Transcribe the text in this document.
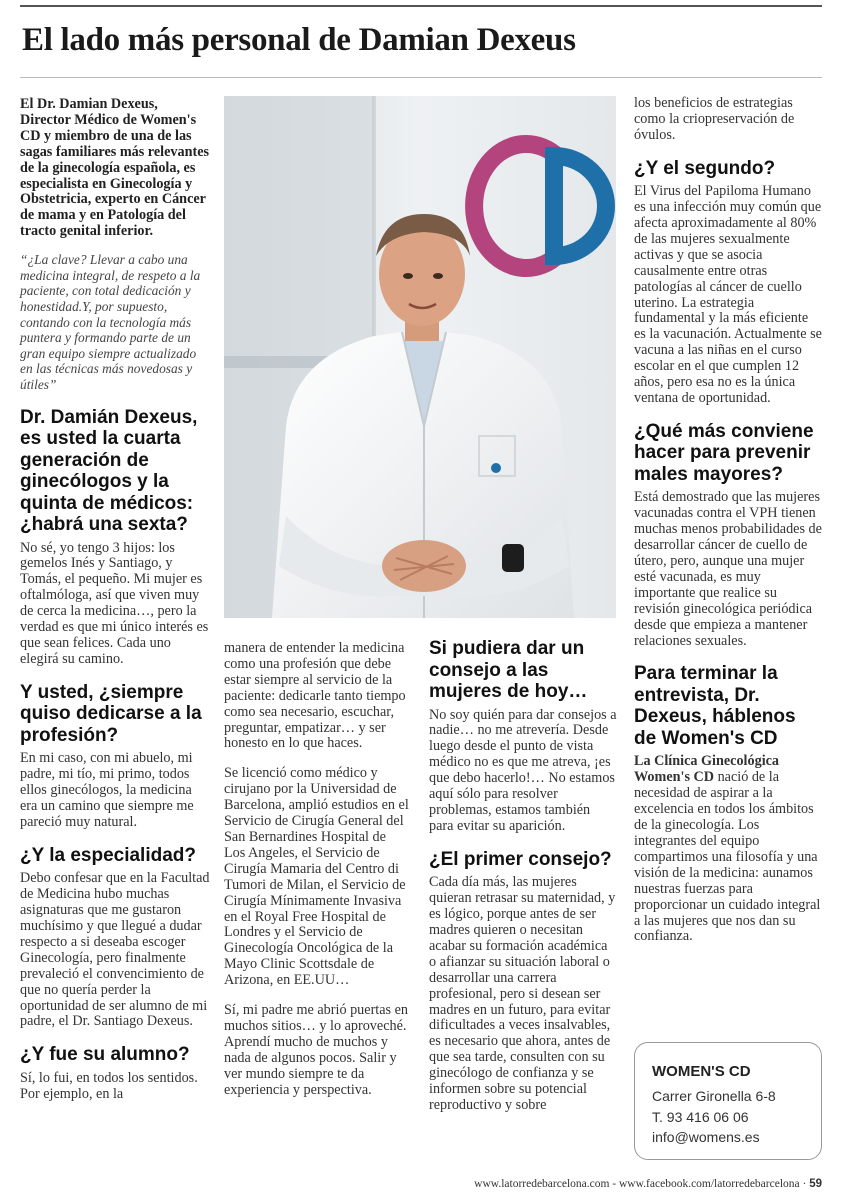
El lado más personal de Damian Dexeus

El Dr. Damian Dexeus, Director Médico de Women's CD y miembro de una de las sagas familiares más relevantes de la ginecología española, es especialista en Ginecología y Obstetricia, experto en Cáncer de mama y en Patología del tracto genital inferior.

“¿La clave? Llevar a cabo una medicina integral, de respeto a la paciente, con total dedicación y honestidad.Y, por supuesto, contando con la tecnología más puntera y formando parte de un gran equipo siempre actualizado en las técnicas más novedosas y útiles”

Dr. Damián Dexeus, es usted la cuarta generación de ginecólogos y la quinta de médicos: ¿habrá una sexta?

No sé, yo tengo 3 hijos: los gemelos Inés y Santiago, y Tomás, el pequeño. Mi mujer es oftalmóloga, así que viven muy de cerca la medicina…, pero la verdad es que mi único interés es que sean felices. Cada uno elegirá su camino.

Y usted, ¿siempre quiso dedicarse a la profesión?

En mi caso, con mi abuelo, mi padre, mi tío, mi primo, todos ellos ginecólogos, la medicina era un camino que siempre me pareció muy natural.

¿Y la especialidad?

Debo confesar que en la Facultad de Medicina hubo muchas asignaturas que me gustaron muchísimo y que llegué a dudar respecto a si deseaba escoger Ginecología, pero finalmente prevaleció el convencimiento de que no quería perder la oportunidad de ser alumno de mi padre, el Dr. Santiago Dexeus.

¿Y fue su alumno?

Sí, lo fui, en todos los sentidos. Por ejemplo, en la

manera de entender la medicina como una profesión que debe estar siempre al servicio de la paciente: dedicarle tanto tiempo como sea necesario, escuchar, preguntar, empatizar… y ser honesto en lo que haces.

Se licenció como médico y cirujano por la Universidad de Barcelona, amplió estudios en el Servicio de Cirugía General del San Bernardines Hospital de Los Angeles, el Servicio de Cirugía Mamaria del Centro di Tumori de Milan, el Servicio de Cirugía Mínimamente Invasiva en el Royal Free Hospital de Londres y el Servicio de Ginecología Oncológica de la Mayo Clinic Scottsdale de Arizona, en EE.UU…

Sí, mi padre me abrió puertas en muchos sitios… y lo aproveché. Aprendí mucho de muchos y nada de algunos pocos. Salir y ver mundo siempre te da experiencia y perspectiva.

Si pudiera dar un consejo a las mujeres de hoy…

No soy quién para dar consejos a nadie… no me atrevería. Desde luego desde el punto de vista médico no es que me atreva, ¡es que debo hacerlo!… No estamos aquí sólo para resolver problemas, estamos también para evitar su aparición.

¿El primer consejo?

Cada día más, las mujeres quieran retrasar su maternidad, y es lógico, porque antes de ser madres quieren o necesitan acabar su formación académica o afianzar su situación laboral o desarrollar una carrera profesional, pero si desean ser madres en un futuro, para evitar dificultades a veces insalvables, es necesario que ahora, antes de que sea tarde, consulten con su ginecólogo de confianza y se informen sobre su potencial reproductivo y sobre

los beneficios de estrategias como la criopreservación de óvulos.

¿Y el segundo?

El Virus del Papiloma Humano es una infección muy común que afecta aproximadamente al 80% de las mujeres sexualmente activas y que se asocia causalmente entre otras patologías al cáncer de cuello uterino. La estrategia fundamental y la más eficiente es la vacunación. Actualmente se vacuna a las niñas en el curso escolar en el que cumplen 12 años, pero esa no es la única ventana de oportunidad.

¿Qué más conviene hacer para prevenir males mayores?

Está demostrado que las mujeres vacunadas contra el VPH tienen muchas menos probabilidades de desarrollar cáncer de cuello de útero, pero, aunque una mujer esté vacunada, es muy importante que realice su revisión ginecológica periódica desde que empieza a mantener relaciones sexuales.

Para terminar la entrevista, Dr. Dexeus, háblenos de Women's CD

La Clínica Ginecológica Women's CD nació de la necesidad de aspirar a la excelencia en todos los ámbitos de la ginecología. Los integrantes del equipo compartimos una filosofía y una visión de la medicina: aunamos nuestras fuerzas para proporcionar un cuidado integral a las mujeres que nos dan su confianza.

WOMEN'S CD
Carrer Gironella 6-8
T. 93 416 06 06
info@womens.es
www.latorredebarcelona.com - www.facebook.com/latorredebarcelona · 59
